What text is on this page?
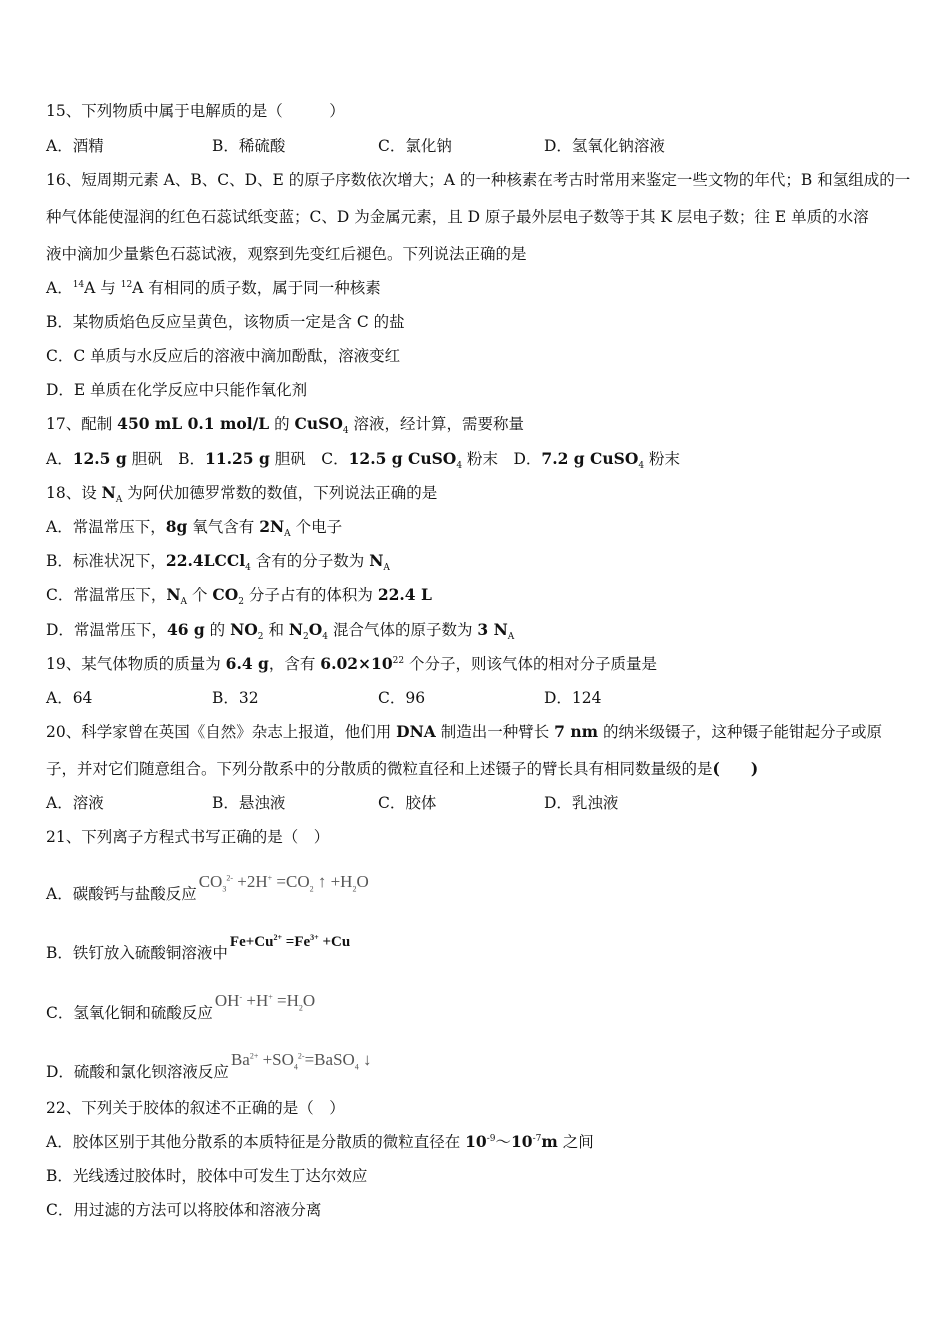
15、下列物质中属于电解质的是（　　　）
A．酒精	B．稀硫酸	C．氯化钠	D．氢氧化钠溶液
16、短周期元素 A、B、C、D、E 的原子序数依次增大；A 的一种核素在考古时常用来鉴定一些文物的年代；B 和氢组成的一
种气体能使湿润的红色石蕊试纸变蓝；C、D 为金属元素，且 D 原子最外层电子数等于其 K 层电子数；往 E 单质的水溶
液中滴加少量紫色石蕊试液，观察到先变红后褪色。下列说法正确的是
A．$^{14}$A 与 $^{12}$A 有相同的质子数，属于同一种核素
B．某物质焰色反应呈黄色，该物质一定是含 C 的盐
C．C 单质与水反应后的溶液中滴加酚酞，溶液变红
D．E 单质在化学反应中只能作氧化剂
17、配制 450 mL 0.1 mol/L 的 CuSO$_4$ 溶液，经计算，需要称量
A．12.5 g 胆矾　B．11.25 g 胆矾　C．12.5 g CuSO$_4$ 粉末　D．7.2 g CuSO$_4$ 粉末
18、设 $N_A$ 为阿伏加德罗常数的数值，下列说法正确的是
A．常温常压下，8g 氧气含有 $2N_A$ 个电子
B．标准状况下，22.4LCCl$_4$ 含有的分子数为 $N_A$
C．常温常压下，$N_A$ 个 $CO_2$ 分子占有的体积为 22.4 L
D．常温常压下，46 g 的 $NO_2$ 和 $N_2O_4$ 混合气体的原子数为 3 $N_A$
19、某气体物质的质量为 6.4 g，含有 $6.02\times 10^{22}$ 个分子，则该气体的相对分子质量是
A．64	B．32	C．96	D．124
20、科学家曾在英国《自然》杂志上报道，他们用 DNA 制造出一种臂长 7 nm 的纳米级镊子，这种镊子能钳起分子或原
子，并对它们随意组合。下列分散系中的分散质的微粒直径和上述镊子的臂长具有相同数量级的是(　　)
A．溶液	B．悬浊液	C．胶体	D．乳浊液
21、下列离子方程式书写正确的是（　）
A．碳酸钙与盐酸反应$CO_3^{2-} +2H^+ =CO_2$ ↑ $+H_2O$
B．铁钉放入硫酸铜溶液中$Fe+Cu^{2+} =Fe^{3+} +Cu$
C．氢氧化铜和硫酸反应$OH^- +H^+ =H_2O$
D．硫酸和氯化钡溶液反应$Ba^{2+}$ $+SO_4^{2-}=BaSO_4$ ↓
22、下列关于胶体的叙述不正确的是（　）
A．胶体区别于其他分散系的本质特征是分散质的微粒直径在 $10^{-9}\sim 10^{-7}m$ 之间
B．光线透过胶体时，胶体中可发生丁达尔效应
C．用过滤的方法可以将胶体和溶液分离
